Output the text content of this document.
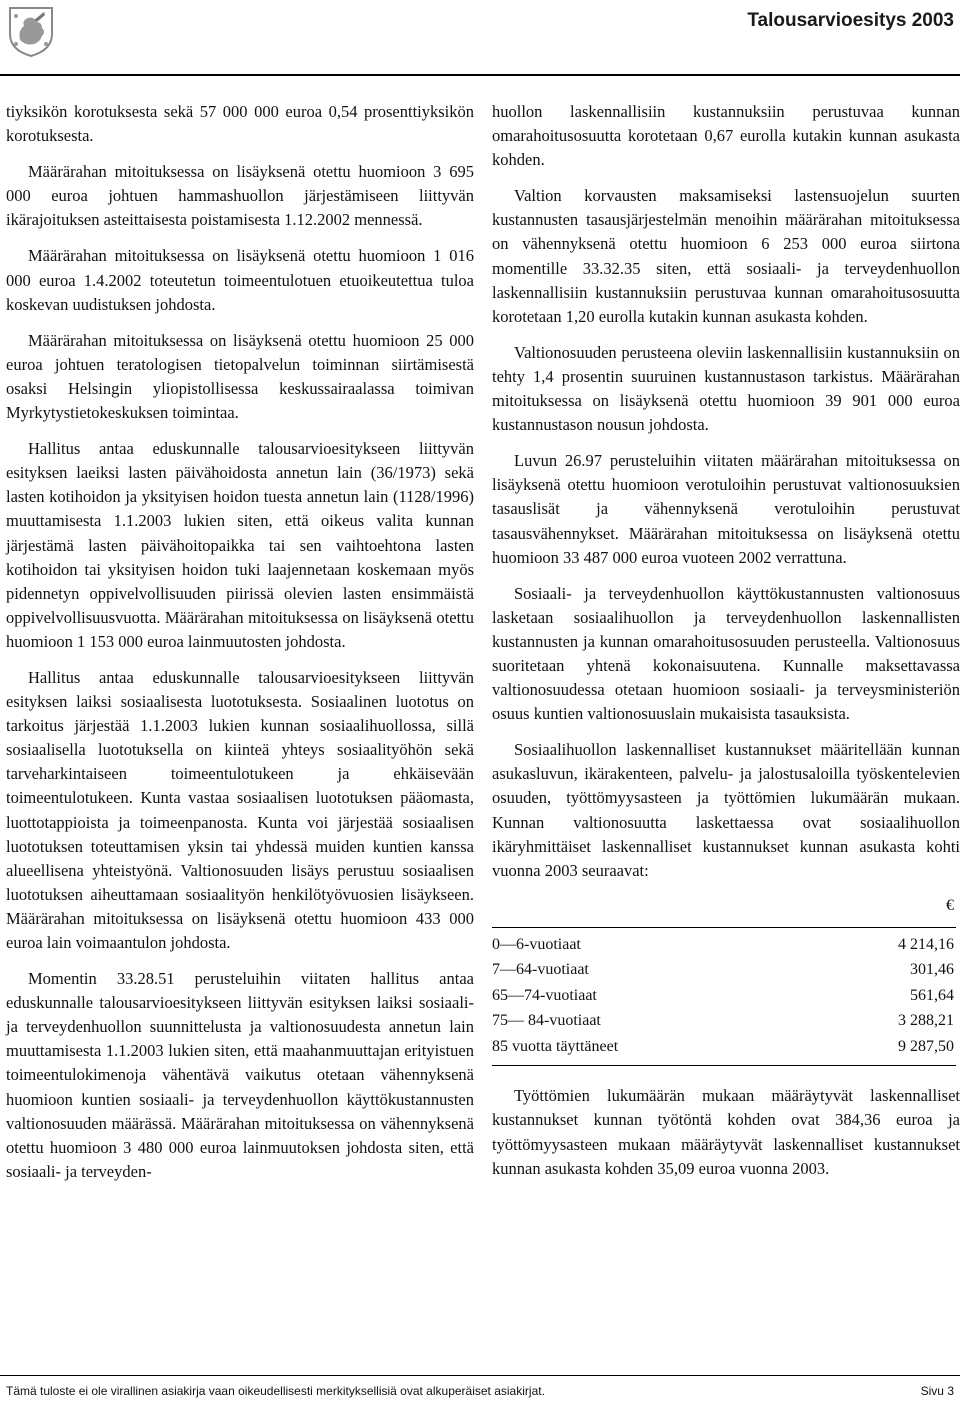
Talousarvioesitys 2003

tiyksikön korotuksesta sekä 57 000 000 euroa 0,54 prosenttiyksikön korotuksesta.

Määrärahan mitoituksessa on lisäyksenä otettu huomioon 3 695 000 euroa johtuen hammashuollon järjestämiseen liittyvän ikärajoituksen asteittaisesta poistamisesta 1.12.2002 mennessä.

Määrärahan mitoituksessa on lisäyksenä otettu huomioon 1 016 000 euroa 1.4.2002 toteutetun toimeentulotuen etuoikeutettua tuloa koskevan uudistuksen johdosta.

Määrärahan mitoituksessa on lisäyksenä otettu huomioon 25 000 euroa johtuen teratologisen tietopalvelun toiminnan siirtämisestä osaksi Helsingin yliopistollisessa keskussairaalassa toimivan Myrkytystietokeskuksen toimintaa.

Hallitus antaa eduskunnalle talousarvioesitykseen liittyvän esityksen laeiksi lasten päivähoidosta annetun lain (36/1973) sekä lasten kotihoidon ja yksityisen hoidon tuesta annetun lain (1128/1996) muuttamisesta 1.1.2003 lukien siten, että oikeus valita kunnan järjestämä lasten päivähoitopaikka tai sen vaihtoehtona lasten kotihoidon tai yksityisen hoidon tuki laajennetaan koskemaan myös pidennetyn oppivelvollisuuden piirissä olevien lasten ensimmäistä oppivelvollisuusvuotta. Määrärahan mitoituksessa on lisäyksenä otettu huomioon 1 153 000 euroa lainmuutosten johdosta.

Hallitus antaa eduskunnalle talousarvioesitykseen liittyvän esityksen laiksi sosiaalisesta luototuksesta. Sosiaalinen luototus on tarkoitus järjestää 1.1.2003 lukien kunnan sosiaalihuollossa, sillä sosiaalisella luototuksella on kiinteä yhteys sosiaalityöhön sekä tarveharkintaiseen toimeentulotukeen ja ehkäisevään toimeentulotukeen. Kunta vastaa sosiaalisen luototuksen pääomasta, luottotappioista ja toimeenpanosta. Kunta voi järjestää sosiaalisen luototuksen toteuttamisen yksin tai yhdessä muiden kuntien kanssa alueellisena yhteistyönä. Valtionosuuden lisäys perustuu sosiaalisen luototuksen aiheuttamaan sosiaalityön henkilötyövuosien lisäykseen. Määrärahan mitoituksessa on lisäyksenä otettu huomioon 433 000 euroa lain voimaantulon johdosta.

Momentin 33.28.51 perusteluihin viitaten hallitus antaa eduskunnalle talousarvioesitykseen liittyvän esityksen laiksi sosiaali- ja terveydenhuollon suunnittelusta ja valtionosuudesta annetun lain muuttamisesta 1.1.2003 lukien siten, että maahanmuuttajan erityistuen toimeentulokimenoja vähentävä vaikutus otetaan vähennyksenä huomioon kuntien sosiaali- ja terveydenhuollon käyttökustannusten valtionosuuden määrässä. Määrärahan mitoituksessa on vähennyksenä otettu huomioon 3 480 000 euroa lainmuutoksen johdosta siten, että sosiaali- ja terveyden-

huollon laskennallisiin kustannuksiin perustuvaa kunnan omarahoitusosuutta korotetaan 0,67 eurolla kutakin kunnan asukasta kohden.

Valtion korvausten maksamiseksi lastensuojelun suurten kustannusten tasausjärjestelmän menoihin määrärahan mitoituksessa on vähennyksenä otettu huomioon 6 253 000 euroa siirtona momentille 33.32.35 siten, että sosiaali- ja terveydenhuollon laskennallisiin kustannuksiin perustuvaa kunnan omarahoitusosuutta korotetaan 1,20 eurolla kutakin kunnan asukasta kohden.

Valtionosuuden perusteena oleviin laskennallisiin kustannuksiin on tehty 1,4 prosentin suuruinen kustannustason tarkistus. Määrärahan mitoituksessa on lisäyksenä otettu huomioon 39 901 000 euroa kustannustason nousun johdosta.

Luvun 26.97 perusteluihin viitaten määrärahan mitoituksessa on lisäyksenä otettu huomioon verotuloihin perustuvat valtionosuuksien tasauslisät ja vähennyksenä verotuloihin perustuvat tasausvähennykset. Määrärahan mitoituksessa on lisäyksenä otettu huomioon 33 487 000 euroa vuoteen 2002 verrattuna.

Sosiaali- ja terveydenhuollon käyttökustannusten valtionosuus lasketaan sosiaalihuollon ja terveydenhuollon laskennallisten kustannusten ja kunnan omarahoitusosuuden perusteella. Valtionosuus suoritetaan yhtenä kokonaisuutena. Kunnalle maksettavassa valtionosuudessa otetaan huomioon sosiaali- ja terveysministeriön osuus kuntien valtionosuuslain mukaisista tasauksista.

Sosiaalihuollon laskennalliset kustannukset määritellään kunnan asukasluvun, ikärakenteen, palvelu- ja jalostusaloilla työskentelevien osuuden, työttömyysasteen ja työttömien lukumäärän mukaan. Kunnan valtionosuutta laskettaessa ovat sosiaalihuollon ikäryhmittäiset laskennalliset kustannukset kunnan asukasta kohti vuonna 2003 seuraavat:

€
0—6-vuotiaat	4 214,16
7—64-vuotiaat	301,46
65—74-vuotiaat	561,64
75— 84-vuotiaat	3 288,21
85 vuotta täyttäneet	9 287,50

Työttömien lukumäärän mukaan määräytyvät laskennalliset kustannukset kunnan työtöntä kohden ovat 384,36 euroa ja työttömyysasteen mukaan määräytyvät laskennalliset kustannukset kunnan asukasta kohden 35,09 euroa vuonna 2003.

Tämä tuloste ei ole virallinen asiakirja vaan oikeudellisesti merkityksellisiä ovat alkuperäiset asiakirjat.	Sivu 3
